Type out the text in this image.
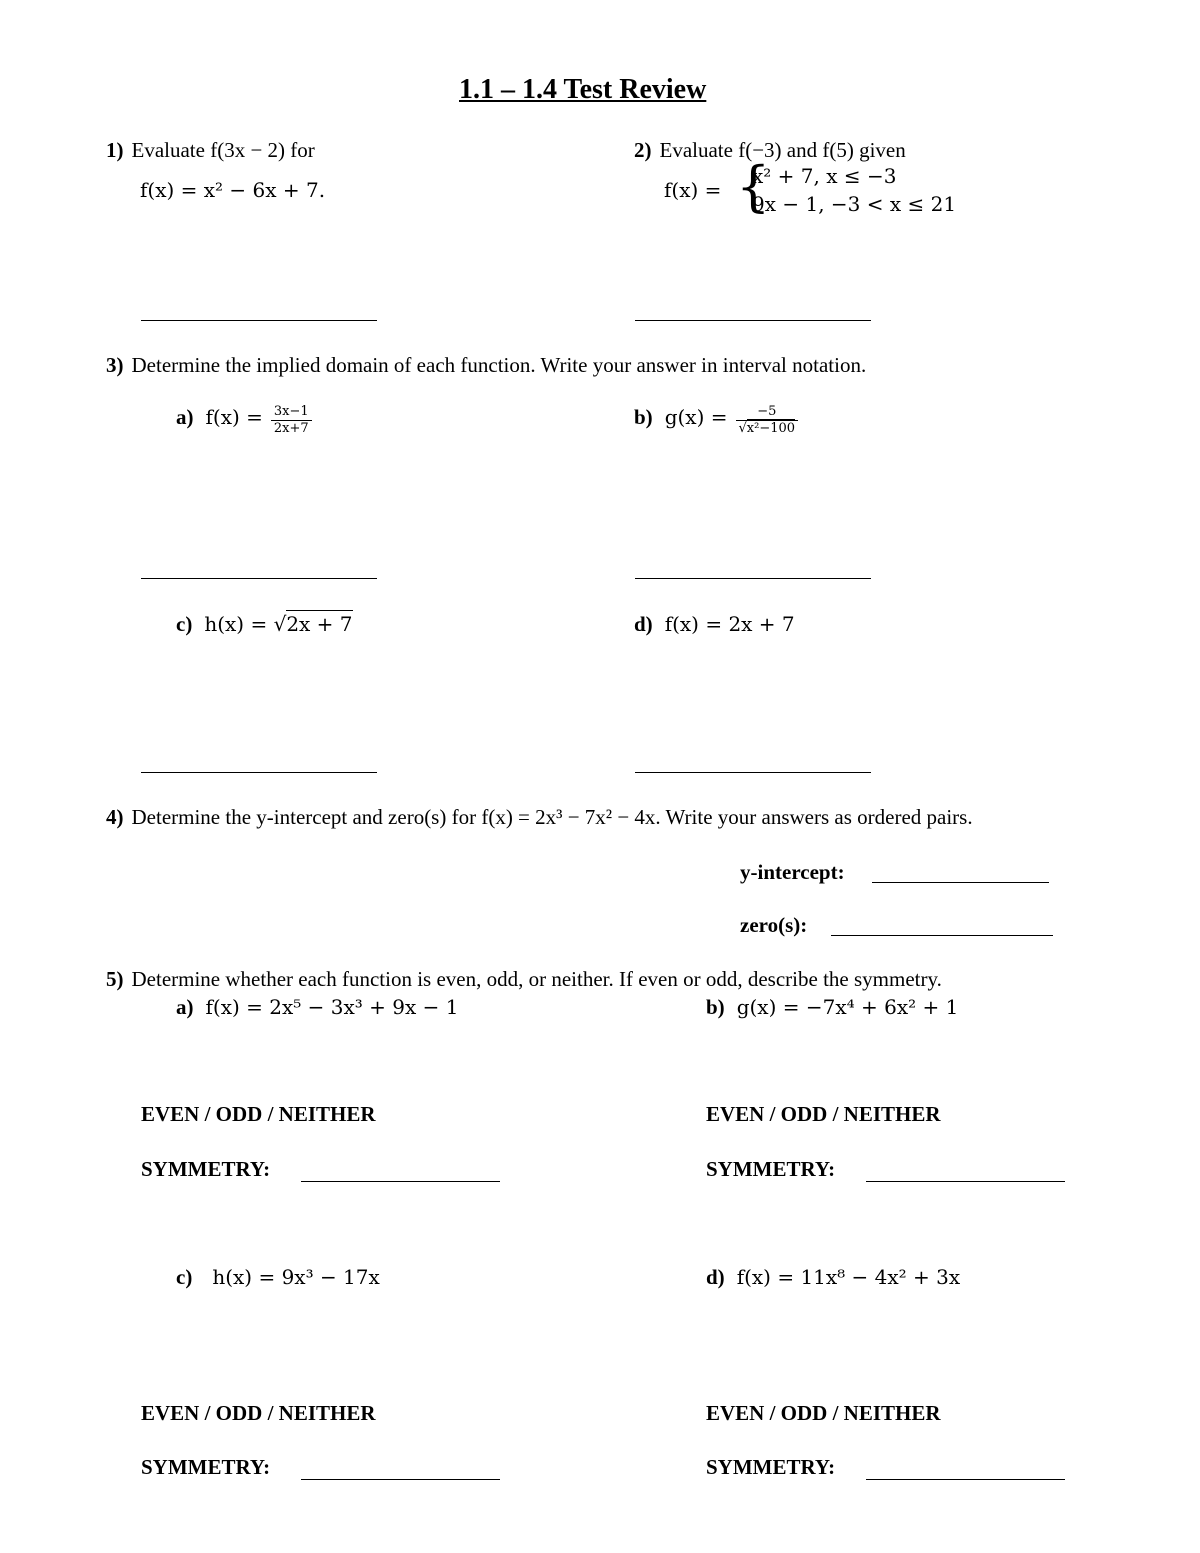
1.1 – 1.4 Test Review
1) Evaluate f(3x − 2) for
f(x) = x² − 6x + 7.
2) Evaluate f(−3) and f(5) given
f(x) = {
x² + 7, x ≤ −3
9x − 1, −3 < x ≤ 21
3) Determine the implied domain of each function. Write your answer in interval notation.
a) $f(x) = \frac{3x-1}{2x+7}$	b) $g(x) = \frac{-5}{\text{√x²−100}}$
c) h(x) = √2x + 7	d) f(x) = 2x + 7
4) Determine the y-intercept and zero(s) for f(x) = 2x³ − 7x² − 4x. Write your answers as ordered pairs.
y-intercept:
zero(s):
5) Determine whether each function is even, odd, or neither. If even or odd, describe the symmetry.
a) f(x) = 2x⁵ − 3x³ + 9x − 1	b) g(x) = −7x⁴ + 6x² + 1
EVEN / ODD / NEITHER	EVEN / ODD / NEITHER
SYMMETRY:	SYMMETRY:
c) h(x) = 9x³ − 17x	d) f(x) = 11x⁸ − 4x² + 3x
EVEN / ODD / NEITHER	EVEN / ODD / NEITHER
SYMMETRY:	SYMMETRY:
